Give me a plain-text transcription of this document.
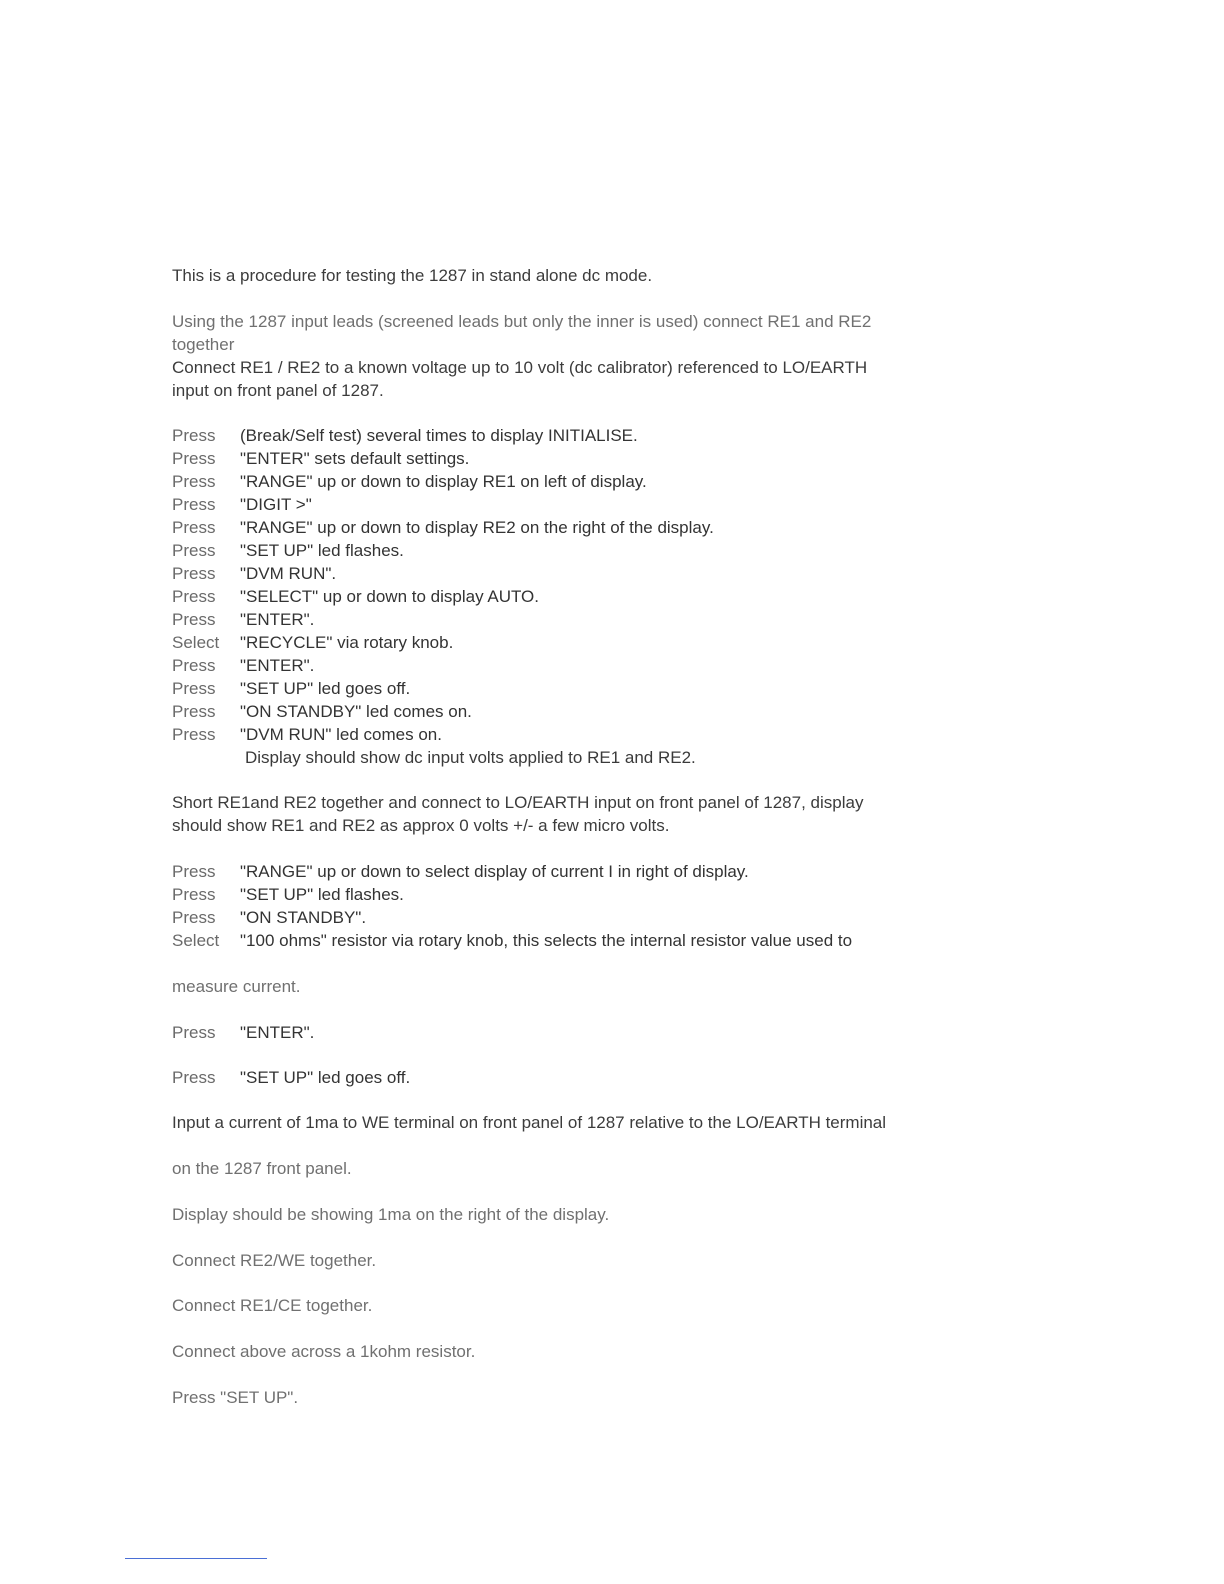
This is a procedure for testing the 1287 in stand alone dc mode.
Using the 1287 input leads (screened leads but only the inner is used) connect RE1 and RE2
together
Connect RE1 / RE2 to a known voltage up to 10 volt (dc calibrator) referenced to LO/EARTH
input on front panel of 1287.
Press (Break/Self test) several times to display INITIALISE.
Press "ENTER" sets default settings.
Press "RANGE" up or down to display RE1 on left of display.
Press "DIGIT >"
Press "RANGE" up or down to display RE2 on the right of the display.
Press "SET UP" led flashes.
Press "DVM RUN".
Press "SELECT" up or down to display AUTO.
Press "ENTER".
Select "RECYCLE" via rotary knob.
Press "ENTER".
Press "SET UP" led goes off.
Press "ON STANDBY" led comes on.
Press "DVM RUN" led comes on.
Display should show dc input volts applied to RE1 and RE2.
Short RE1and RE2 together and connect to LO/EARTH input on front panel of 1287, display
should show RE1 and RE2 as approx 0 volts +/- a few micro volts.
Press "RANGE" up or down to select display of current I in right of display.
Press "SET UP" led flashes.
Press "ON STANDBY".
Select "100 ohms" resistor via rotary knob, this selects the internal resistor value used to
measure current.
Press "ENTER".
Press "SET UP" led goes off.
Input a current of 1ma to WE terminal on front panel of 1287 relative to the LO/EARTH terminal
on the 1287 front panel.
Display should be showing 1ma on the right of the display.
Connect RE2/WE together.
Connect RE1/CE together.
Connect above across a 1kohm resistor.
Press "SET UP".
